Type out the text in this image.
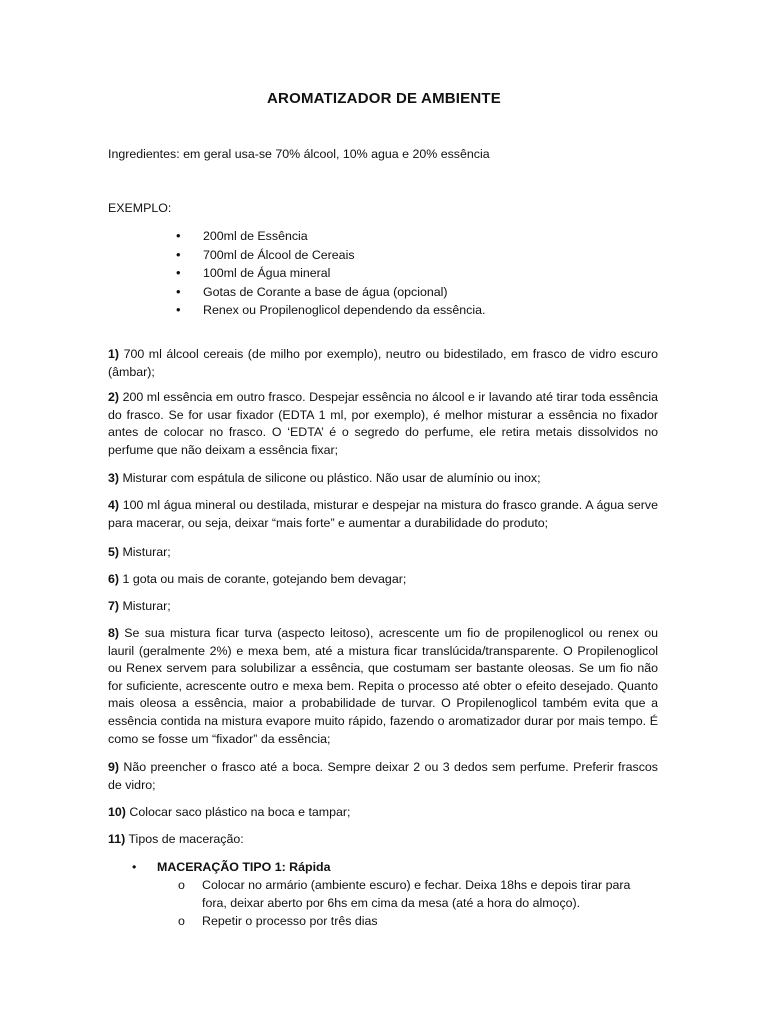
AROMATIZADOR DE AMBIENTE
Ingredientes: em geral usa-se 70% álcool, 10% agua e 20% essência
EXEMPLO:
• 200ml de Essência
• 700ml de Álcool de Cereais
• 100ml de Água mineral
• Gotas de Corante a base de água (opcional)
• Renex ou Propilenoglicol dependendo da essência.
1) 700 ml álcool cereais (de milho por exemplo), neutro ou bidestilado, em frasco de vidro escuro (âmbar);
2) 200 ml essência em outro frasco. Despejar essência no álcool e ir lavando até tirar toda essência do frasco. Se for usar fixador (EDTA 1 ml, por exemplo), é melhor misturar a essência no fixador antes de colocar no frasco. O ‘EDTA’ é o segredo do perfume, ele retira metais dissolvidos no perfume que não deixam a essência fixar;
3) Misturar com espátula de silicone ou plástico. Não usar de alumínio ou inox;
4) 100 ml água mineral ou destilada, misturar e despejar na mistura do frasco grande. A água serve para macerar, ou seja, deixar “mais forte” e aumentar a durabilidade do produto;
5) Misturar;
6) 1 gota ou mais de corante, gotejando bem devagar;
7) Misturar;
8) Se sua mistura ficar turva (aspecto leitoso), acrescente um fio de propilenoglicol ou renex ou lauril (geralmente 2%) e mexa bem, até a mistura ficar translúcida/transparente. O Propilenoglicol ou Renex servem para solubilizar a essência, que costumam ser bastante oleosas. Se um fio não for suficiente, acrescente outro e mexa bem. Repita o processo até obter o efeito desejado. Quanto mais oleosa a essência, maior a probabilidade de turvar. O Propilenoglicol também evita que a essência contida na mistura evapore muito rápido, fazendo o aromatizador durar por mais tempo. É como se fosse um “fixador” da essência;
9) Não preencher o frasco até a boca. Sempre deixar 2 ou 3 dedos sem perfume. Preferir frascos de vidro;
10) Colocar saco plástico na boca e tampar;
11) Tipos de maceração:
• MACERAÇÃO TIPO 1: Rápida
o	Colocar no armário (ambiente escuro) e fechar. Deixa 18hs e depois tirar para fora, deixar aberto por 6hs em cima da mesa (até a hora do almoço).
o	Repetir o processo por três dias
